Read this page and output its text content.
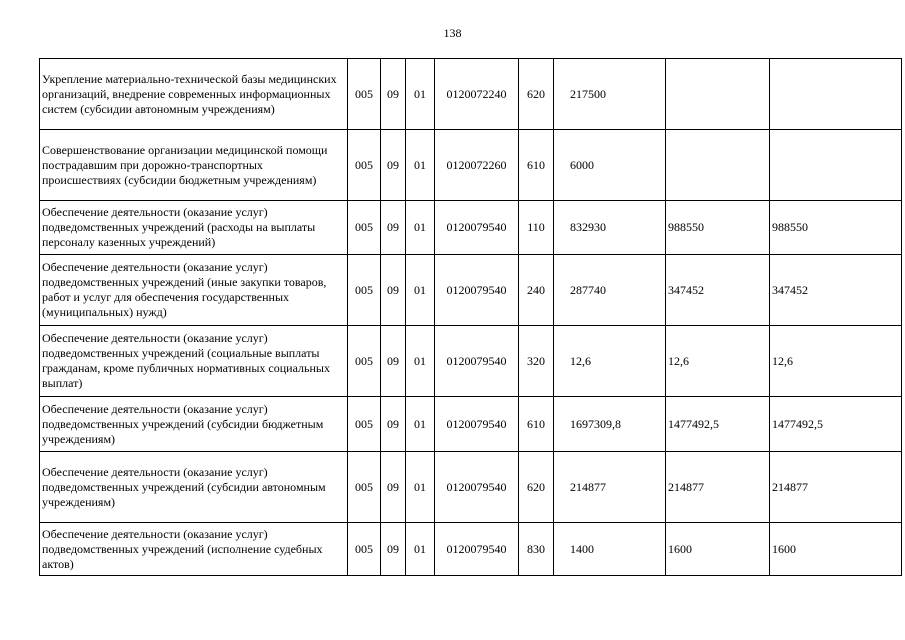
138
Укрепление материально-технической базы медицинских организаций, внедрение современных информационных систем (субсидии автономным учреждениям)	005	09	01	0120072240	620	217500		
Совершенствование организации медицинской помощи пострадавшим при дорожно-транспортных происшествиях (субсидии бюджетным учреждениям)	005	09	01	0120072260	610	6000		
Обеспечение деятельности (оказание услуг) подведомственных учреждений (расходы на выплаты персоналу казенных учреждений)	005	09	01	0120079540	110	832930	988550	988550
Обеспечение деятельности (оказание услуг) подведомственных учреждений (иные закупки товаров, работ и услуг для обеспечения государственных (муниципальных) нужд)	005	09	01	0120079540	240	287740	347452	347452
Обеспечение деятельности (оказание услуг) подведомственных учреждений (социальные выплаты гражданам, кроме публичных нормативных социальных выплат)	005	09	01	0120079540	320	12,6	12,6	12,6
Обеспечение деятельности (оказание услуг) подведомственных учреждений (субсидии бюджетным учреждениям)	005	09	01	0120079540	610	1697309,8	1477492,5	1477492,5
Обеспечение деятельности (оказание услуг) подведомственных учреждений (субсидии автономным учреждениям)	005	09	01	0120079540	620	214877	214877	214877
Обеспечение деятельности (оказание услуг) подведомственных учреждений (исполнение судебных актов)	005	09	01	0120079540	830	1400	1600	1600
